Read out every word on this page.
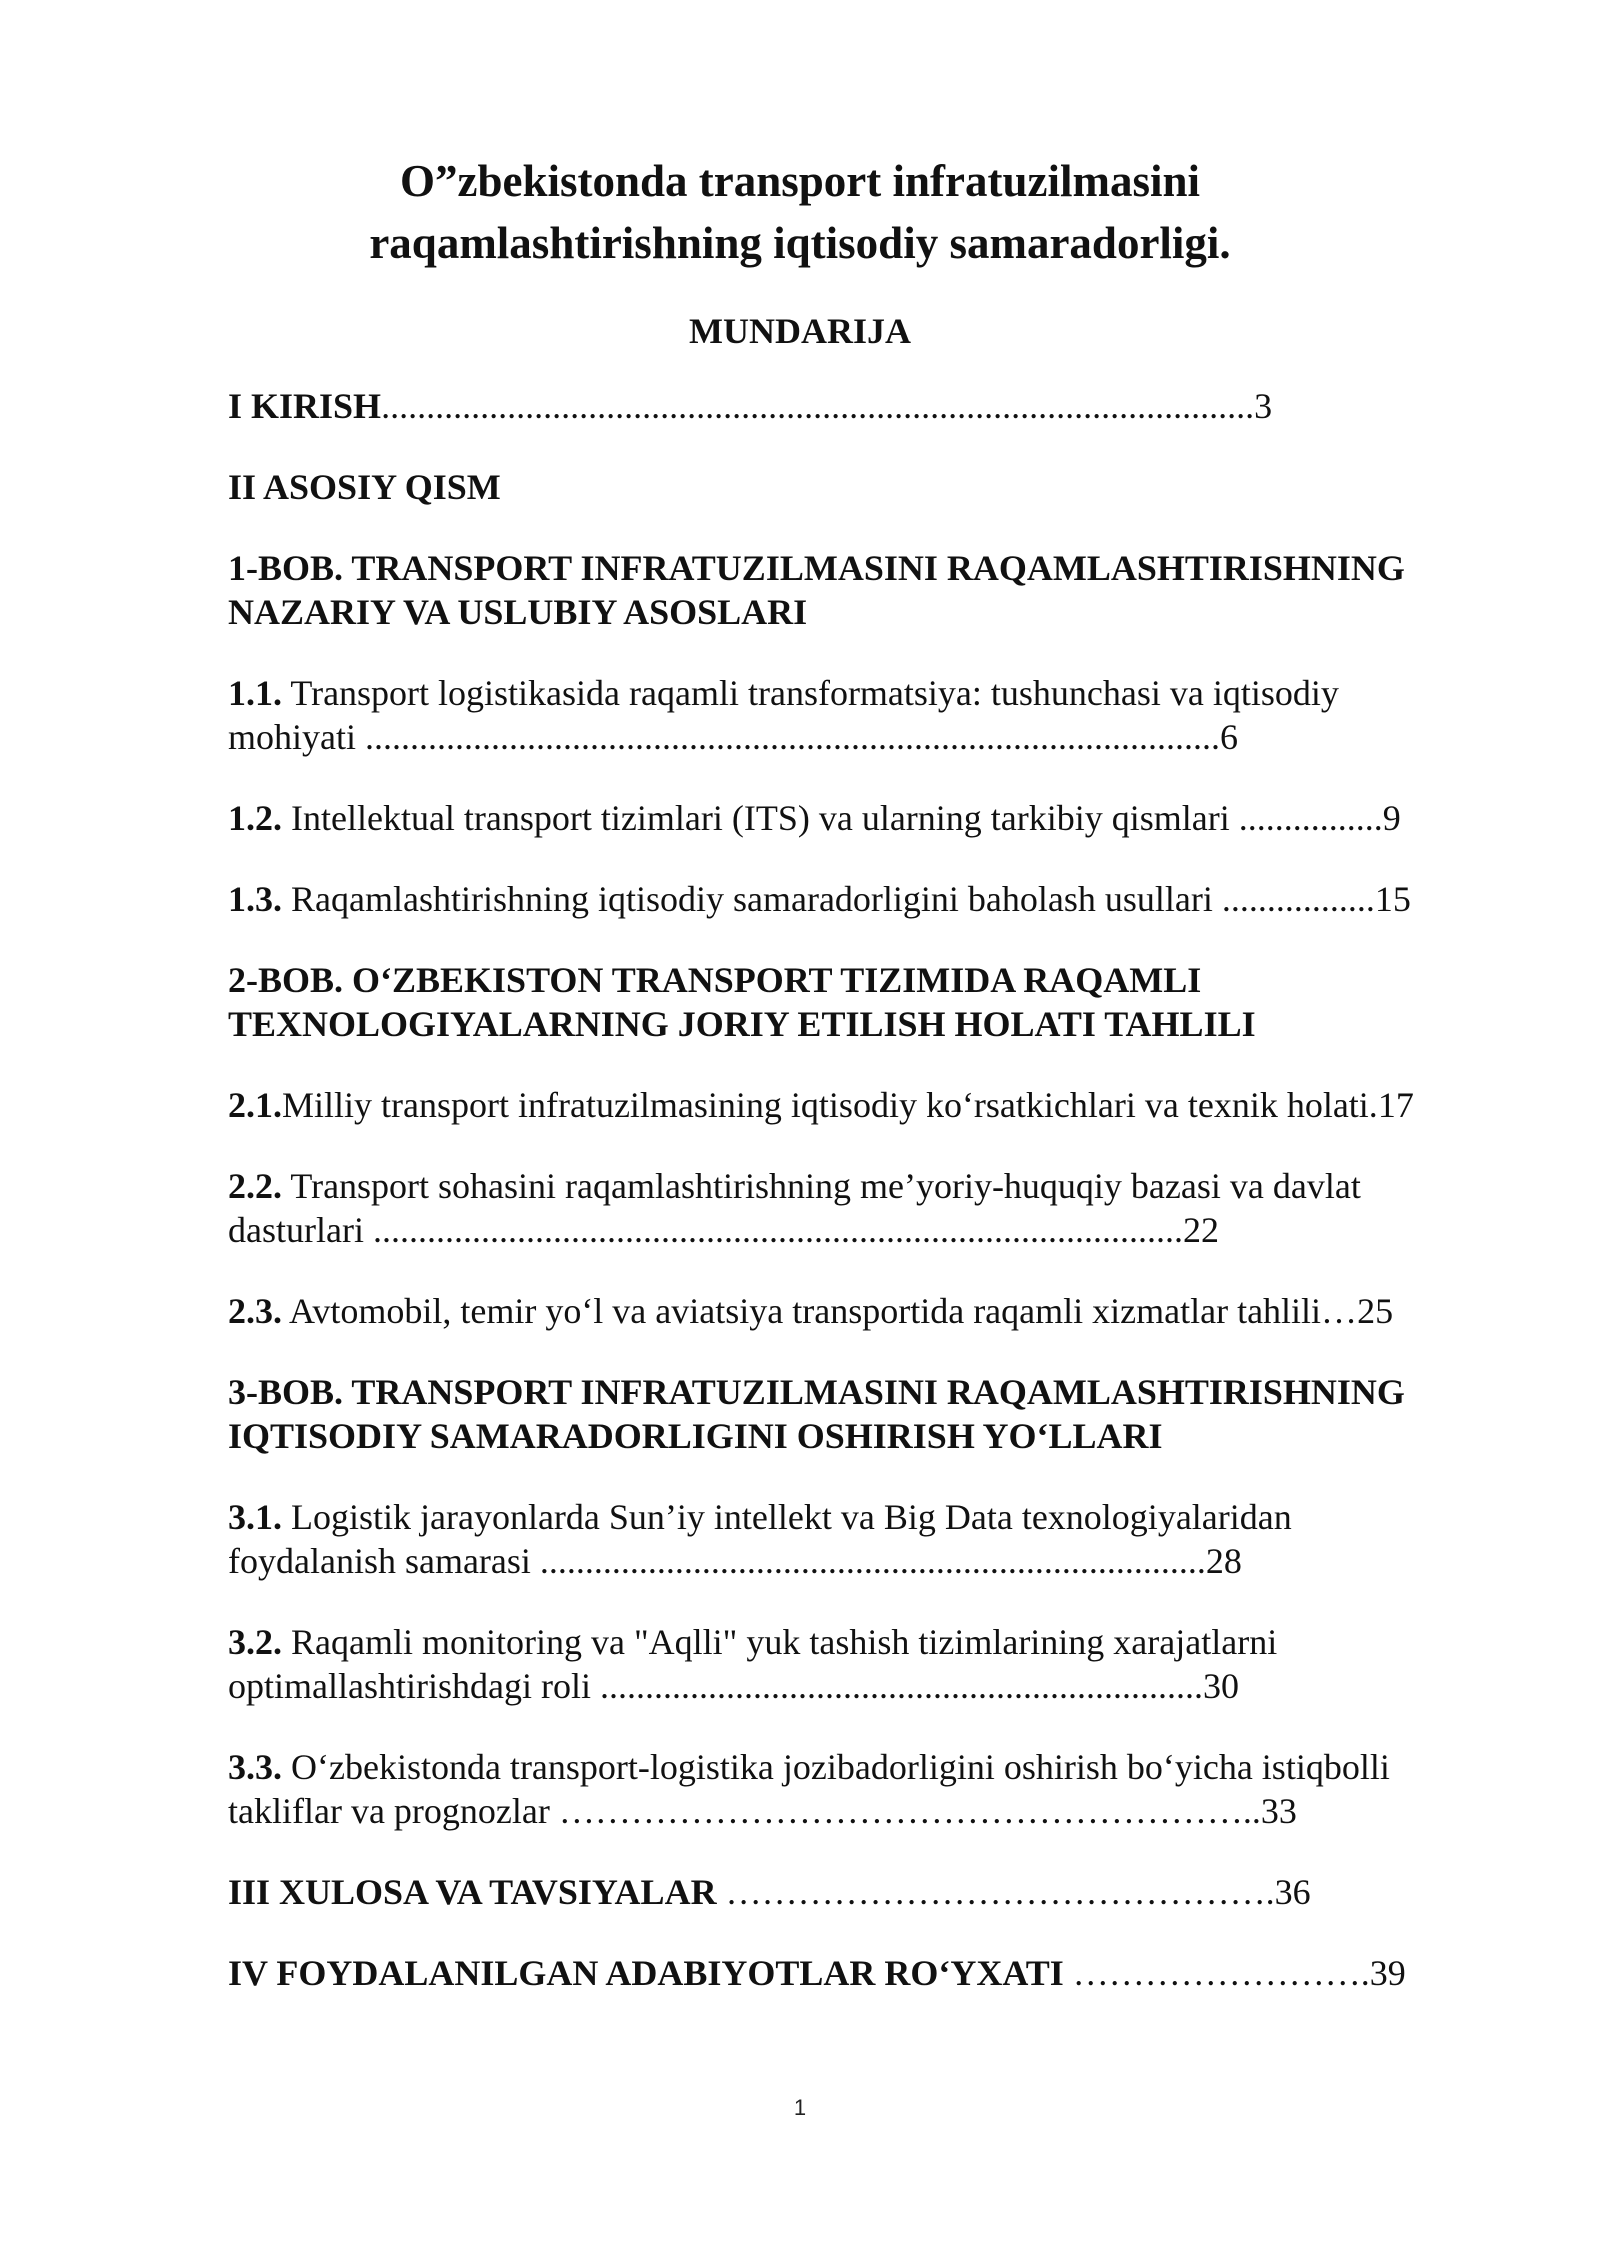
O”zbekistonda transport infratuzilmasini
raqamlashtirishning iqtisodiy samaradorligi.
MUNDARIJA
I KIRISH.................................................................................................3
II ASOSIY QISM
1-BOB. TRANSPORT INFRATUZILMASINI RAQAMLASHTIRISHNING
NAZARIY VA USLUBIY ASOSLARI
1.1. Transport logistikasida raqamli transformatsiya: tushunchasi va iqtisodiy
mohiyati ...............................................................................................6
1.2. Intellektual transport tizimlari (ITS) va ularning tarkibiy qismlari ................9
1.3. Raqamlashtirishning iqtisodiy samaradorligini baholash usullari .................15
2-BOB. O‘ZBEKISTON TRANSPORT TIZIMIDA RAQAMLI
TEXNOLOGIYALARNING JORIY ETILISH HOLATI TAHLILI
2.1.Milliy transport infratuzilmasining iqtisodiy ko‘rsatkichlari va texnik holati.17
2.2. Transport sohasini raqamlashtirishning me’yoriy-huquqiy bazasi va davlat
dasturlari ..........................................................................................22
2.3. Avtomobil, temir yo‘l va aviatsiya transportida raqamli xizmatlar tahlili…25
3-BOB. TRANSPORT INFRATUZILMASINI RAQAMLASHTIRISHNING
IQTISODIY SAMARADORLIGINI OSHIRISH YO‘LLARI
3.1. Logistik jarayonlarda Sun’iy intellekt va Big Data texnologiyalaridan
foydalanish samarasi ..........................................................................28
3.2. Raqamli monitoring va "Aqlli" yuk tashish tizimlarining xarajatlarni
optimallashtirishdagi roli ...................................................................30
3.3. O‘zbekistonda transport-logistika jozibadorligini oshirish bo‘yicha istiqbolli
takliflar va prognozlar …………………………………………………..33
III XULOSA VA TAVSIYALAR ……………………………………….36
IV FOYDALANILGAN ADABIYOTLAR RO‘YXATI …………………….39
1
